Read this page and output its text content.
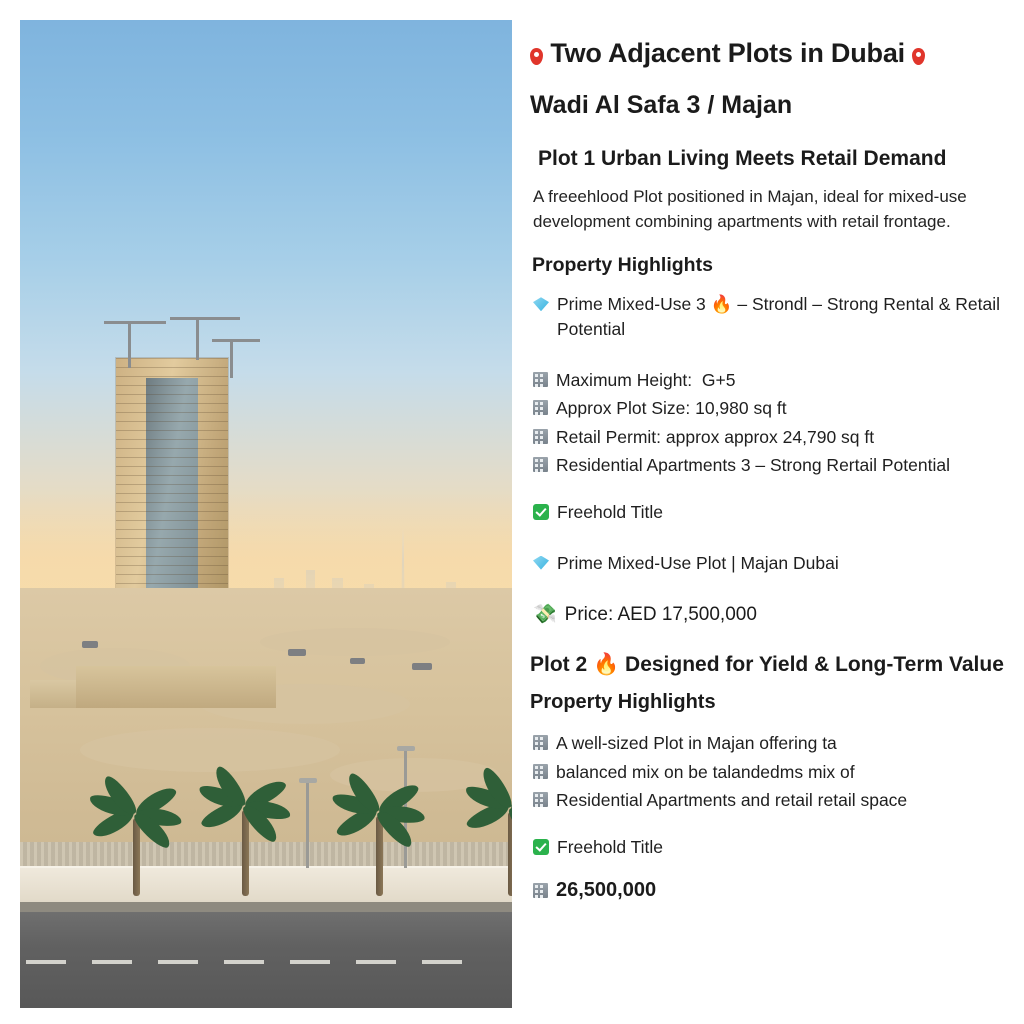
Two Adjacent Plots in Dubai
Wadi Al Safa 3 / Majan
Plot 1 Urban Living Meets Retail Demand
A freeehlood Plot positioned in Majan, ideal for mixed-use development combining apartments with retail frontage.
Property Highlights
Prime Mixed-Use 3 🔥 – Strondl – Strong Rental & Retail Potential
Maximum Height: G+5
Approx Plot Size: 10,980 sq ft
Retail Permit: approx approx 24,790 sq ft
Residential Apartments 3 – Strong Rertail Potential
Freehold Title
Prime Mixed-Use Plot | Majan Dubai
💸 Price: AED 17,500,000
Plot 2 🔥 Designed for Yield & Long-Term Value
Property Highlights
A well-sized Plot in Majan offering ta
balanced mix on be talandedms mix of
Residential Apartments and retail retail space
Freehold Title
26,500,000
